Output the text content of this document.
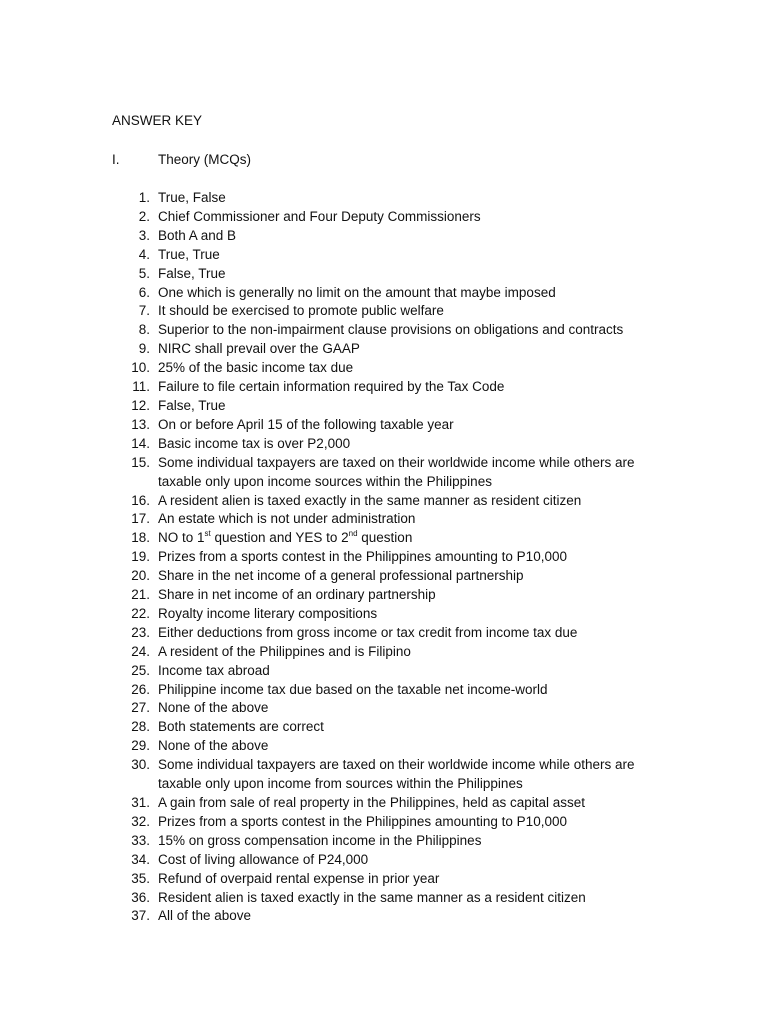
ANSWER KEY
I.	Theory (MCQs)
1. True, False
2. Chief Commissioner and Four Deputy Commissioners
3. Both A and B
4. True, True
5. False, True
6. One which is generally no limit on the amount that maybe imposed
7. It should be exercised to promote public welfare
8. Superior to the non-impairment clause provisions on obligations and contracts
9. NIRC shall prevail over the GAAP
10. 25% of the basic income tax due
11. Failure to file certain information required by the Tax Code
12. False, True
13. On or before April 15 of the following taxable year
14. Basic income tax is over P2,000
15. Some individual taxpayers are taxed on their worldwide income while others are
taxable only upon income sources within the Philippines
16. A resident alien is taxed exactly in the same manner as resident citizen
17. An estate which is not under administration
18. NO to 1st question and YES to 2nd question
19. Prizes from a sports contest in the Philippines amounting to P10,000
20. Share in the net income of a general professional partnership
21. Share in net income of an ordinary partnership
22. Royalty income literary compositions
23. Either deductions from gross income or tax credit from income tax due
24. A resident of the Philippines and is Filipino
25. Income tax abroad
26. Philippine income tax due based on the taxable net income-world
27. None of the above
28. Both statements are correct
29. None of the above
30. Some individual taxpayers are taxed on their worldwide income while others are
taxable only upon income from sources within the Philippines
31. A gain from sale of real property in the Philippines, held as capital asset
32. Prizes from a sports contest in the Philippines amounting to P10,000
33. 15% on gross compensation income in the Philippines
34. Cost of living allowance of P24,000
35. Refund of overpaid rental expense in prior year
36. Resident alien is taxed exactly in the same manner as a resident citizen
37. All of the above
